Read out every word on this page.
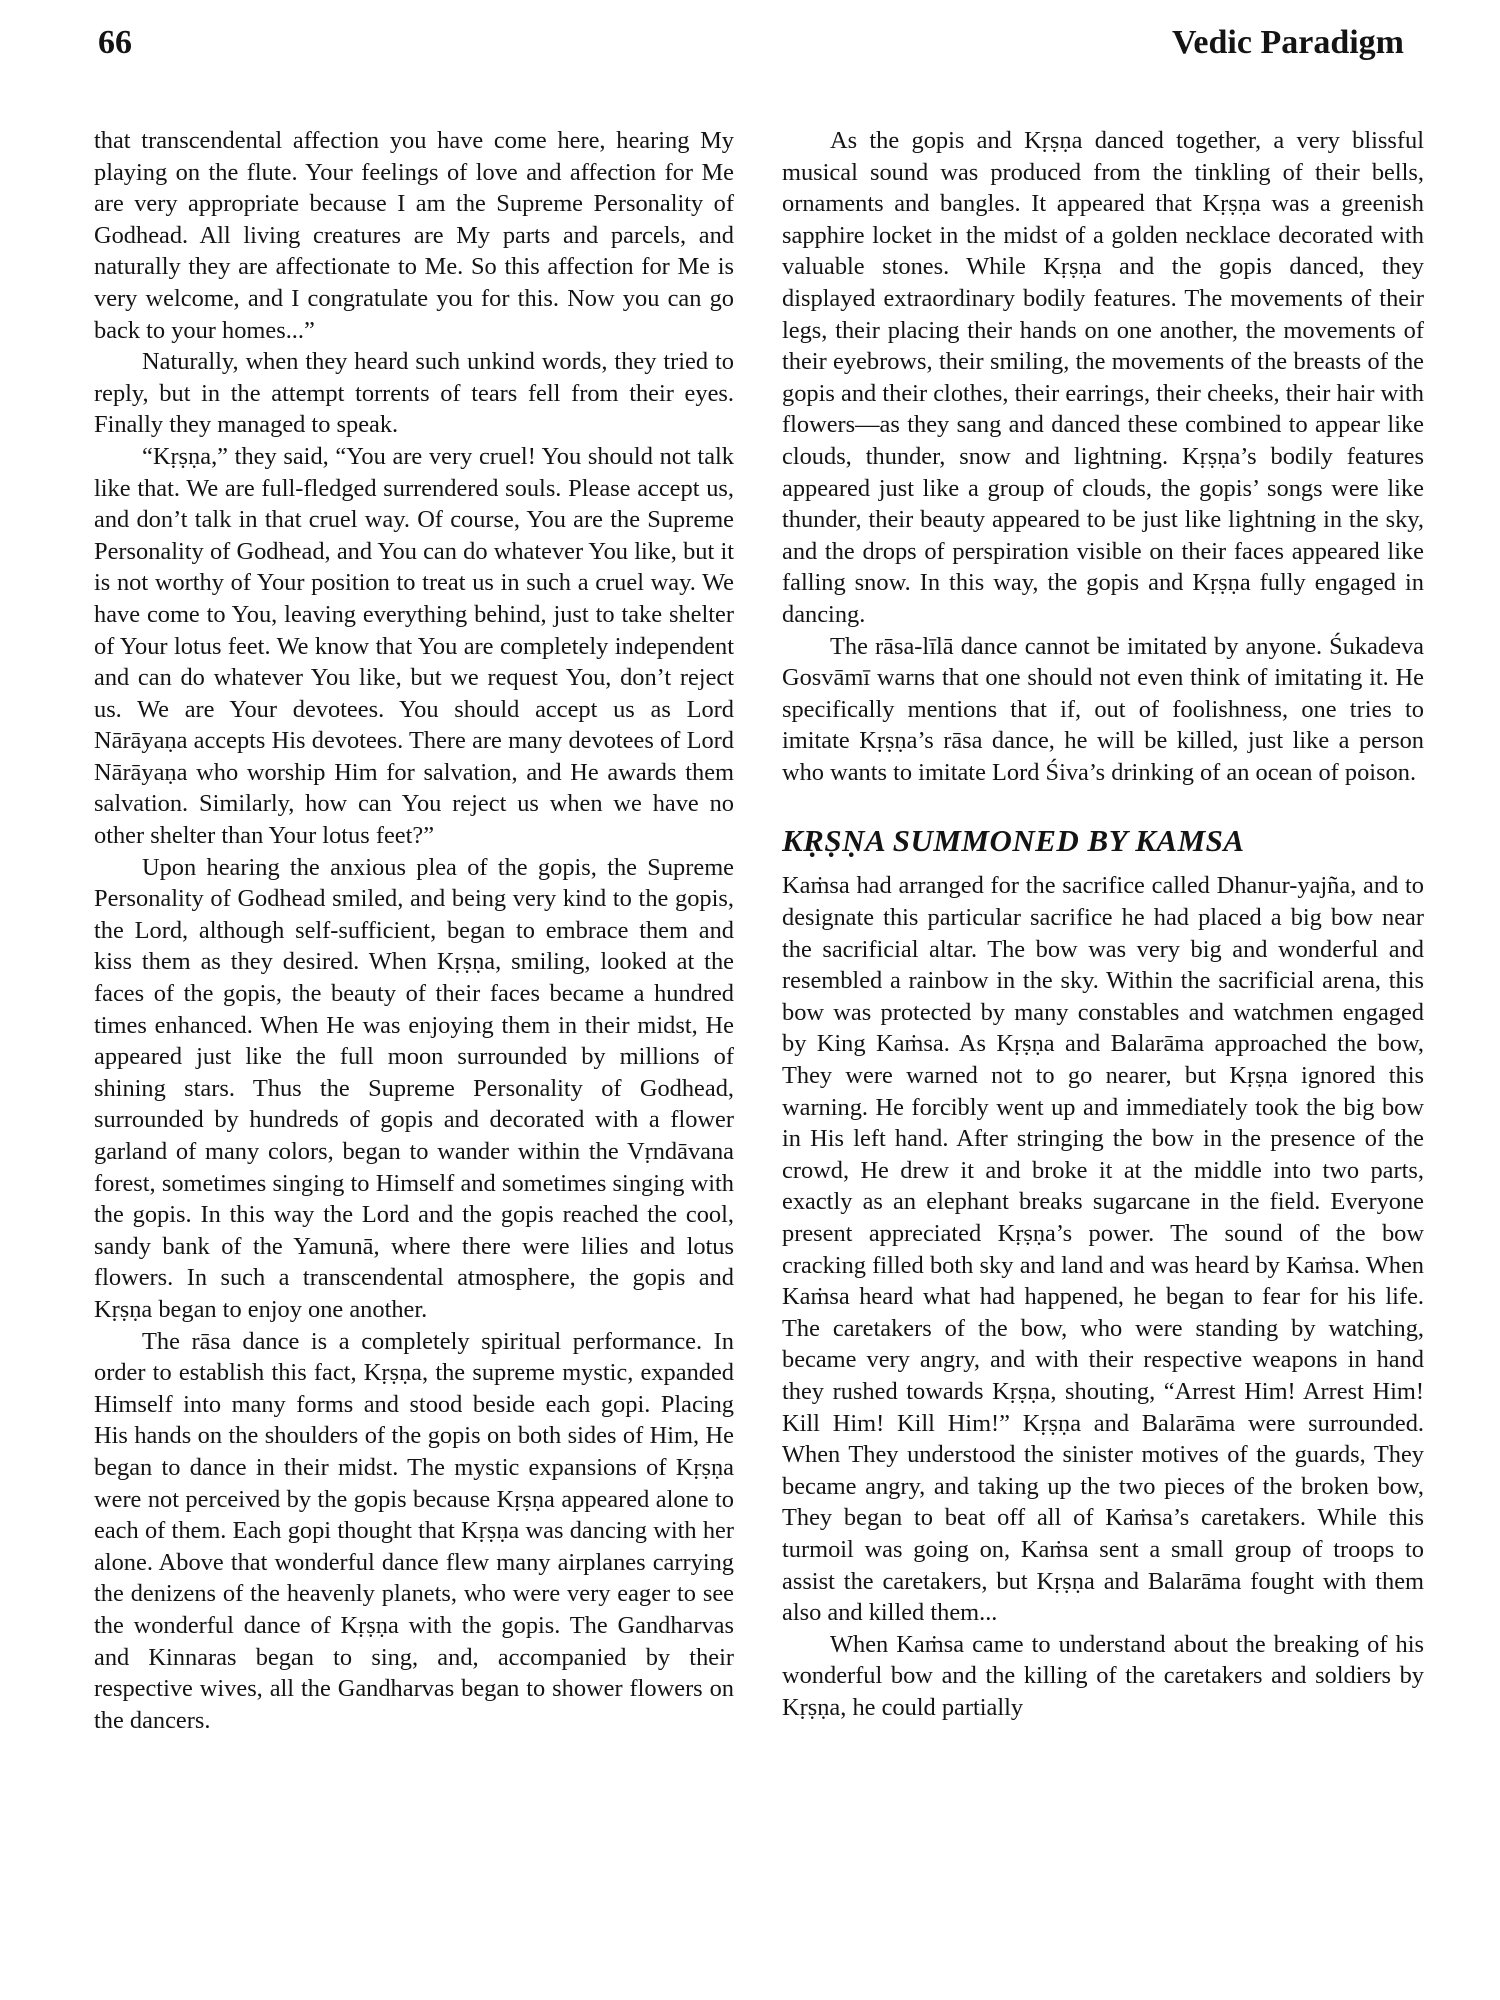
66	Vedic Paradigm

that transcendental affection you have come here, hearing My playing on the flute. Your feelings of love and affection for Me are very appropriate because I am the Supreme Personality of Godhead. All living creatures are My parts and parcels, and naturally they are affectionate to Me. So this affection for Me is very welcome, and I congratulate you for this. Now you can go back to your homes...”

Naturally, when they heard such unkind words, they tried to reply, but in the attempt torrents of tears fell from their eyes. Finally they managed to speak.

“Kṛṣṇa,” they said, “You are very cruel! You should not talk like that. We are full-fledged surrendered souls. Please accept us, and don’t talk in that cruel way. Of course, You are the Supreme Personality of Godhead, and You can do whatever You like, but it is not worthy of Your position to treat us in such a cruel way. We have come to You, leaving everything behind, just to take shelter of Your lotus feet. We know that You are completely independent and can do whatever You like, but we request You, don’t reject us. We are Your devotees. You should accept us as Lord Nārāyaṇa accepts His devotees. There are many devotees of Lord Nārāyaṇa who worship Him for salvation, and He awards them salvation. Similarly, how can You reject us when we have no other shelter than Your lotus feet?”

Upon hearing the anxious plea of the gopis, the Supreme Personality of Godhead smiled, and being very kind to the gopis, the Lord, although self-sufficient, began to embrace them and kiss them as they desired. When Kṛṣṇa, smiling, looked at the faces of the gopis, the beauty of their faces became a hundred times enhanced. When He was enjoying them in their midst, He appeared just like the full moon surrounded by millions of shining stars. Thus the Supreme Personality of Godhead, surrounded by hundreds of gopis and decorated with a flower garland of many colors, began to wander within the Vṛndāvana forest, sometimes singing to Himself and sometimes singing with the gopis. In this way the Lord and the gopis reached the cool, sandy bank of the Yamunā, where there were lilies and lotus flowers. In such a transcendental atmosphere, the gopis and Kṛṣṇa began to enjoy one another.

The rāsa dance is a completely spiritual performance. In order to establish this fact, Kṛṣṇa, the supreme mystic, expanded Himself into many forms and stood beside each gopi. Placing His hands on the shoulders of the gopis on both sides of Him, He began to dance in their midst. The mystic expansions of Kṛṣṇa were not perceived by the gopis because Kṛṣṇa appeared alone to each of them. Each gopi thought that Kṛṣṇa was dancing with her alone. Above that wonderful dance flew many airplanes carrying the denizens of the heavenly planets, who were very eager to see the wonderful dance of Kṛṣṇa with the gopis. The Gandharvas and Kinnaras began to sing, and, accompanied by their respective wives, all the Gandharvas began to shower flowers on the dancers.

As the gopis and Kṛṣṇa danced together, a very blissful musical sound was produced from the tinkling of their bells, ornaments and bangles. It appeared that Kṛṣṇa was a greenish sapphire locket in the midst of a golden necklace decorated with valuable stones. While Kṛṣṇa and the gopis danced, they displayed extraordinary bodily features. The movements of their legs, their placing their hands on one another, the movements of their eyebrows, their smiling, the movements of the breasts of the gopis and their clothes, their earrings, their cheeks, their hair with flowers—as they sang and danced these combined to appear like clouds, thunder, snow and lightning. Kṛṣṇa’s bodily features appeared just like a group of clouds, the gopis’ songs were like thunder, their beauty appeared to be just like lightning in the sky, and the drops of perspiration visible on their faces appeared like falling snow. In this way, the gopis and Kṛṣṇa fully engaged in dancing.

The rāsa-līlā dance cannot be imitated by anyone. Śukadeva Gosvāmī warns that one should not even think of imitating it. He specifically mentions that if, out of foolishness, one tries to imitate Kṛṣṇa’s rāsa dance, he will be killed, just like a person who wants to imitate Lord Śiva’s drinking of an ocean of poison.

KṚṢṆA SUMMONED BY KAMSA

Kaṁsa had arranged for the sacrifice called Dhanur-yajña, and to designate this particular sacrifice he had placed a big bow near the sacrificial altar. The bow was very big and wonderful and resembled a rainbow in the sky. Within the sacrificial arena, this bow was protected by many constables and watchmen engaged by King Kaṁsa. As Kṛṣṇa and Balarāma approached the bow, They were warned not to go nearer, but Kṛṣṇa ignored this warning. He forcibly went up and immediately took the big bow in His left hand. After stringing the bow in the presence of the crowd, He drew it and broke it at the middle into two parts, exactly as an elephant breaks sugarcane in the field. Everyone present appreciated Kṛṣṇa’s power. The sound of the bow cracking filled both sky and land and was heard by Kaṁsa. When Kaṁsa heard what had happened, he began to fear for his life. The caretakers of the bow, who were standing by watching, became very angry, and with their respective weapons in hand they rushed towards Kṛṣṇa, shouting, “Arrest Him! Arrest Him! Kill Him! Kill Him!” Kṛṣṇa and Balarāma were surrounded. When They understood the sinister motives of the guards, They became angry, and taking up the two pieces of the broken bow, They began to beat off all of Kaṁsa’s caretakers. While this turmoil was going on, Kaṁsa sent a small group of troops to assist the caretakers, but Kṛṣṇa and Balarāma fought with them also and killed them...

When Kaṁsa came to understand about the breaking of his wonderful bow and the killing of the caretakers and soldiers by Kṛṣṇa, he could partially
